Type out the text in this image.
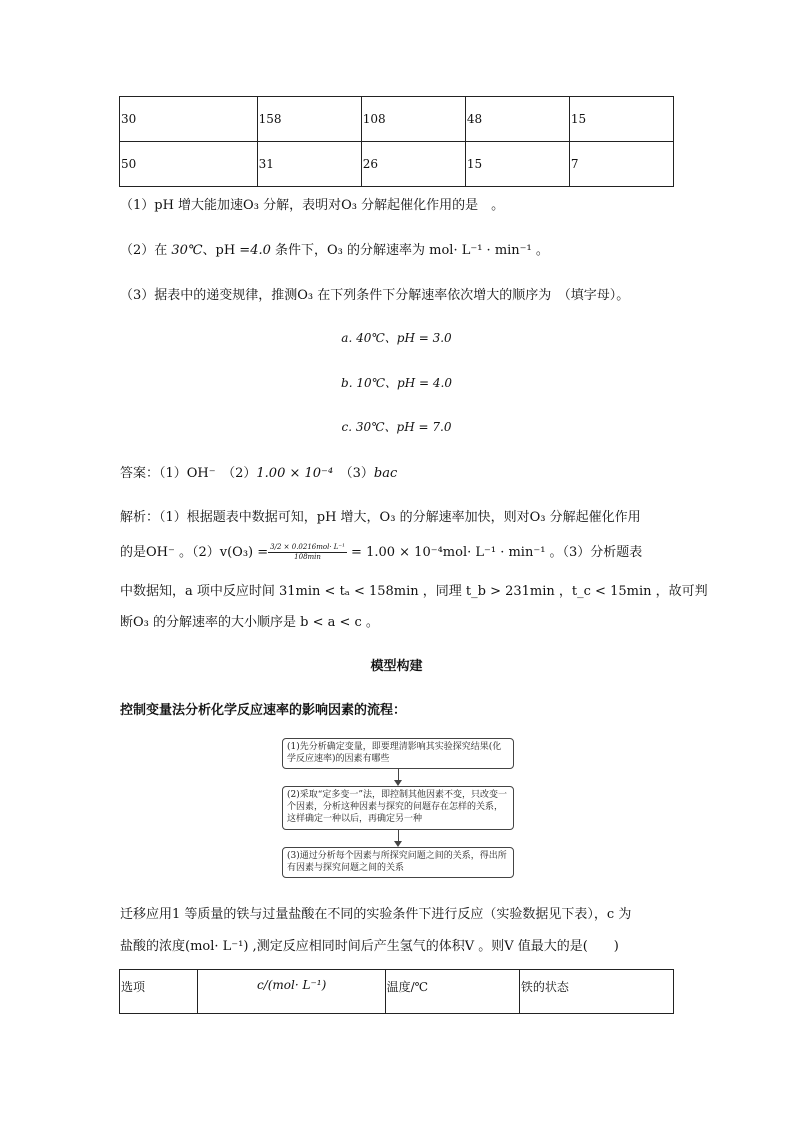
30	158	108	48	15
50	31	26	15	7
（1）pH 增大能加速O₃ 分解，表明对O₃ 分解起催化作用的是　。
（2）在 30℃、pH =4.0 条件下，O₃ 的分解速率为 mol· L⁻¹ · min⁻¹ 。
（3）据表中的递变规律，推测O₃ 在下列条件下分解速率依次增大的顺序为　（填字母）。
a. 40℃、pH = 3.0
b. 10℃、pH = 4.0
c. 30℃、pH = 7.0
答案：（1）OH⁻　（2）1.00 × 10⁻⁴　（3）bac
解析：（1）根据题表中数据可知，pH 增大，O₃ 的分解速率加快，则对O₃ 分解起催化作用
的是OH⁻ 。$(2)v(O_3) = \frac{\text{3/2 × 0.0216mol· L⁻¹}}{108\min} = 1.00 \times 10^{-4}mol\cdot L^{-1} \cdot \min^{-1}$ 。（3）分析题表
中数据知，a 项中反应时间 31min < tₐ < 158min ，同理 t_b > 231min ，t_c < 15min ，故可判
断O₃ 的分解速率的大小顺序是 b < a < c 。
模型构建
控制变量法分析化学反应速率的影响因素的流程：
(1)先分析确定变量，即要理清影响其实验探究结果(化学反应速率)的因素有哪些
(2)采取“定多变一”法，即控制其他因素不变，只改变一个因素，分析这种因素与探究的问题存在怎样的关系，这样确定一种以后，再确定另一种
(3)通过分析每个因素与所探究问题之间的关系，得出所有因素与探究问题之间的关系
迁移应用1 等质量的铁与过量盐酸在不同的实验条件下进行反应（实验数据见下表），c 为
盐酸的浓度(mol· L⁻¹) ,测定反应相同时间后产生氢气的体积V 。则V 值最大的是(　　)
选项	c/(mol· L⁻¹)	温度/℃	铁的状态
